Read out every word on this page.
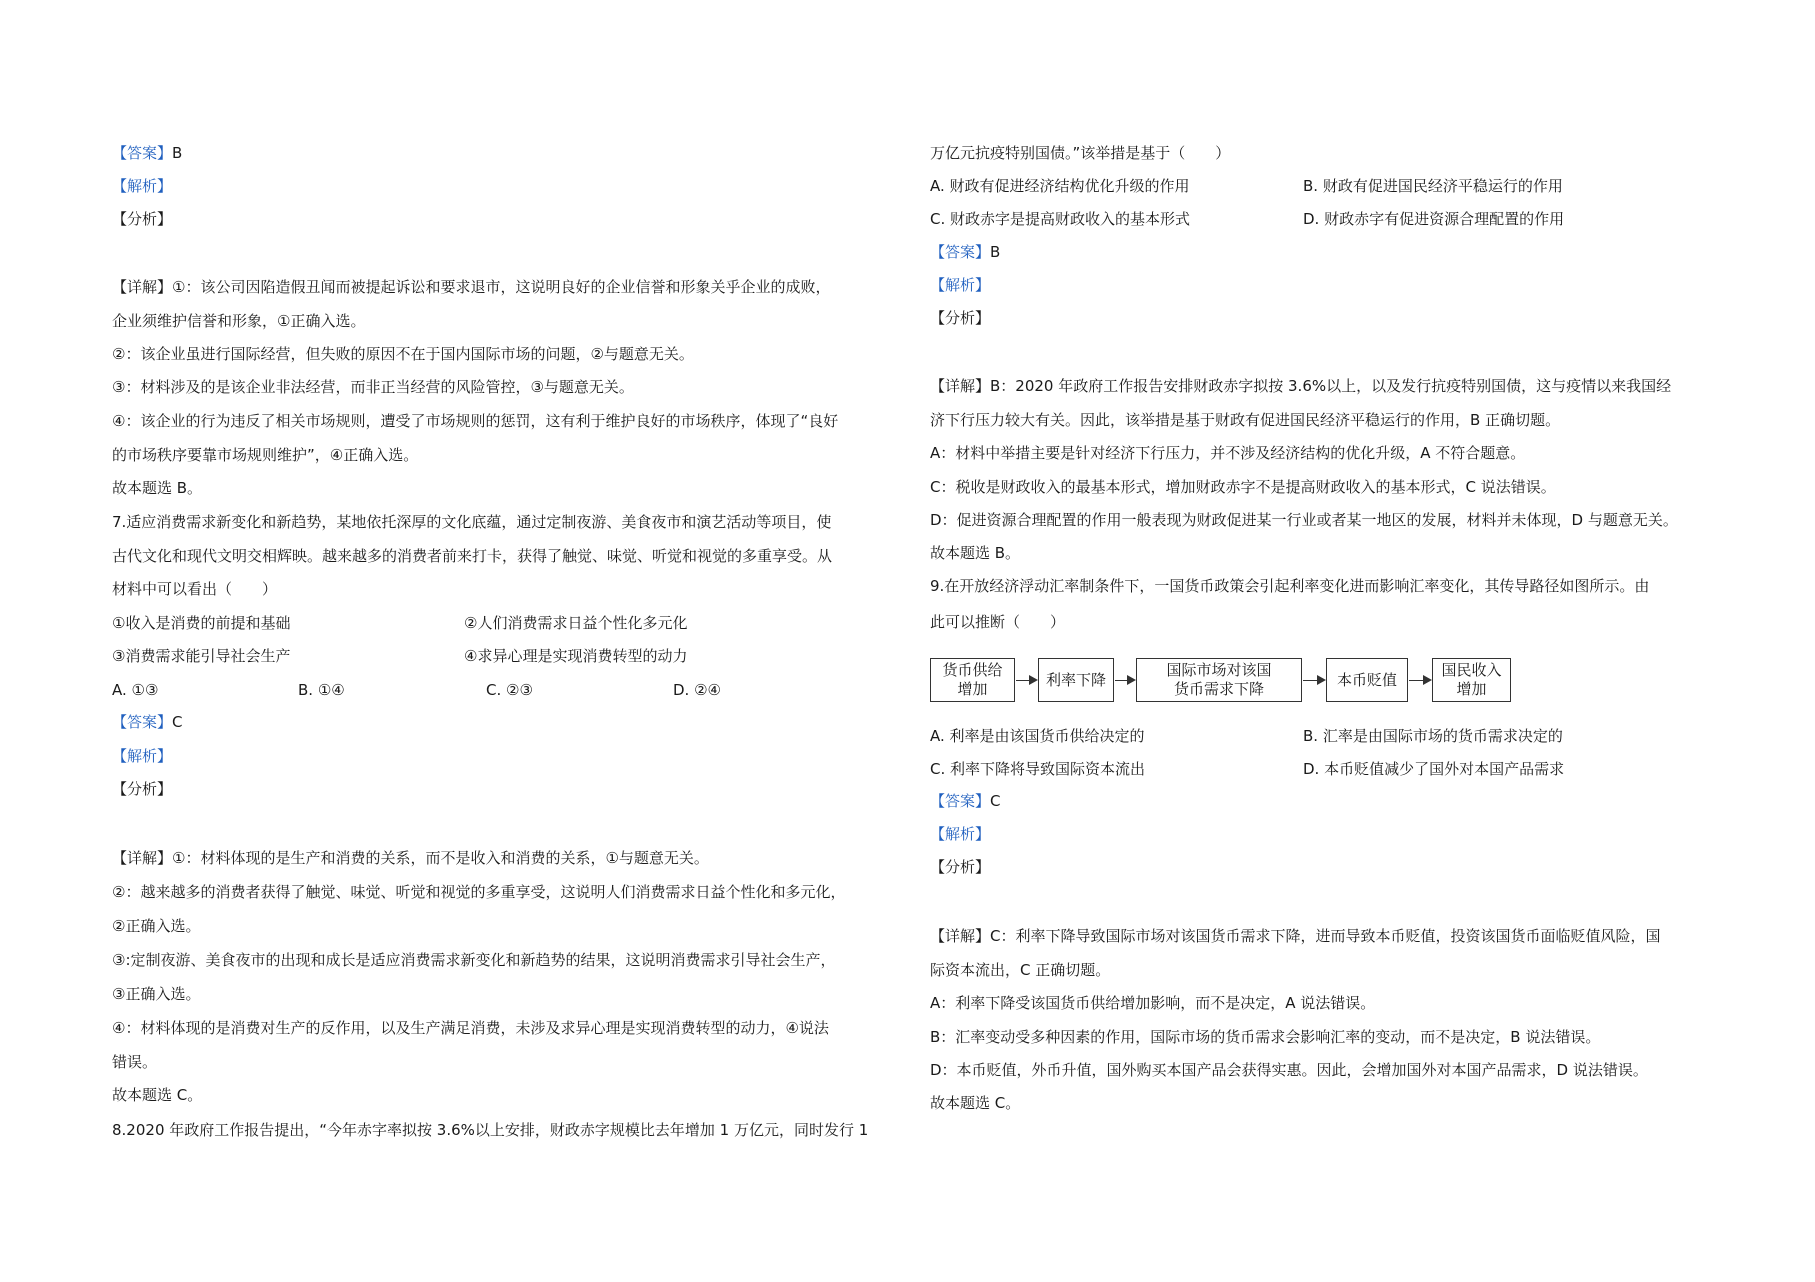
【答案】B
【解析】
【分析】
【详解】①：该公司因陷造假丑闻而被提起诉讼和要求退市，这说明良好的企业信誉和形象关乎企业的成败，
企业须维护信誉和形象，①正确入选。
②：该企业虽进行国际经营，但失败的原因不在于国内国际市场的问题，②与题意无关。
③：材料涉及的是该企业非法经营，而非正当经营的风险管控，③与题意无关。
④：该企业的行为违反了相关市场规则，遭受了市场规则的惩罚，这有利于维护良好的市场秩序，体现了“良好
的市场秩序要靠市场规则维护”，④正确入选。
故本题选 B。
7.适应消费需求新变化和新趋势，某地依托深厚的文化底蕴，通过定制夜游、美食夜市和演艺活动等项目，使
古代文化和现代文明交相辉映。越来越多的消费者前来打卡，获得了触觉、味觉、听觉和视觉的多重享受。从
材料中可以看出（　　）
①收入是消费的前提和基础	②人们消费需求日益个性化多元化
③消费需求能引导社会生产	④求异心理是实现消费转型的动力
A. ①③	B. ①④	C. ②③	D. ②④
【答案】C
【解析】
【分析】
【详解】①：材料体现的是生产和消费的关系，而不是收入和消费的关系，①与题意无关。
②：越来越多的消费者获得了触觉、味觉、听觉和视觉的多重享受，这说明人们消费需求日益个性化和多元化，
②正确入选。
③:定制夜游、美食夜市的出现和成长是适应消费需求新变化和新趋势的结果，这说明消费需求引导社会生产，
③正确入选。
④：材料体现的是消费对生产的反作用，以及生产满足消费，未涉及求异心理是实现消费转型的动力，④说法
错误。
故本题选 C。
8.2020 年政府工作报告提出，“今年赤字率拟按 3.6%以上安排，财政赤字规模比去年增加 1 万亿元，同时发行 1
万亿元抗疫特别国债。”该举措是基于（　　）
A. 财政有促进经济结构优化升级的作用	B. 财政有促进国民经济平稳运行的作用
C. 财政赤字是提高财政收入的基本形式	D. 财政赤字有促进资源合理配置的作用
【答案】B
【解析】
【分析】
【详解】B：2020 年政府工作报告安排财政赤字拟按 3.6%以上，以及发行抗疫特别国债，这与疫情以来我国经
济下行压力较大有关。因此，该举措是基于财政有促进国民经济平稳运行的作用，B 正确切题。
A：材料中举措主要是针对经济下行压力，并不涉及经济结构的优化升级，A 不符合题意。
C：税收是财政收入的最基本形式，增加财政赤字不是提高财政收入的基本形式，C 说法错误。
D：促进资源合理配置的作用一般表现为财政促进某一行业或者某一地区的发展，材料并未体现，D 与题意无关。
故本题选 B。
9.在开放经济浮动汇率制条件下，一国货币政策会引起利率变化进而影响汇率变化，其传导路径如图所示。由
此可以推断（　　）
货币供给
增加
利率下降
国际市场对该国
货币需求下降
本币贬值
国民收入
增加
A. 利率是由该国货币供给决定的	B. 汇率是由国际市场的货币需求决定的
C. 利率下降将导致国际资本流出	D. 本币贬值减少了国外对本国产品需求
【答案】C
【解析】
【分析】
【详解】C：利率下降导致国际市场对该国货币需求下降，进而导致本币贬值，投资该国货币面临贬值风险，国
际资本流出，C 正确切题。
A：利率下降受该国货币供给增加影响，而不是决定，A 说法错误。
B：汇率变动受多种因素的作用，国际市场的货币需求会影响汇率的变动，而不是决定，B 说法错误。
D：本币贬值，外币升值，国外购买本国产品会获得实惠。因此，会增加国外对本国产品需求，D 说法错误。
故本题选 C。
